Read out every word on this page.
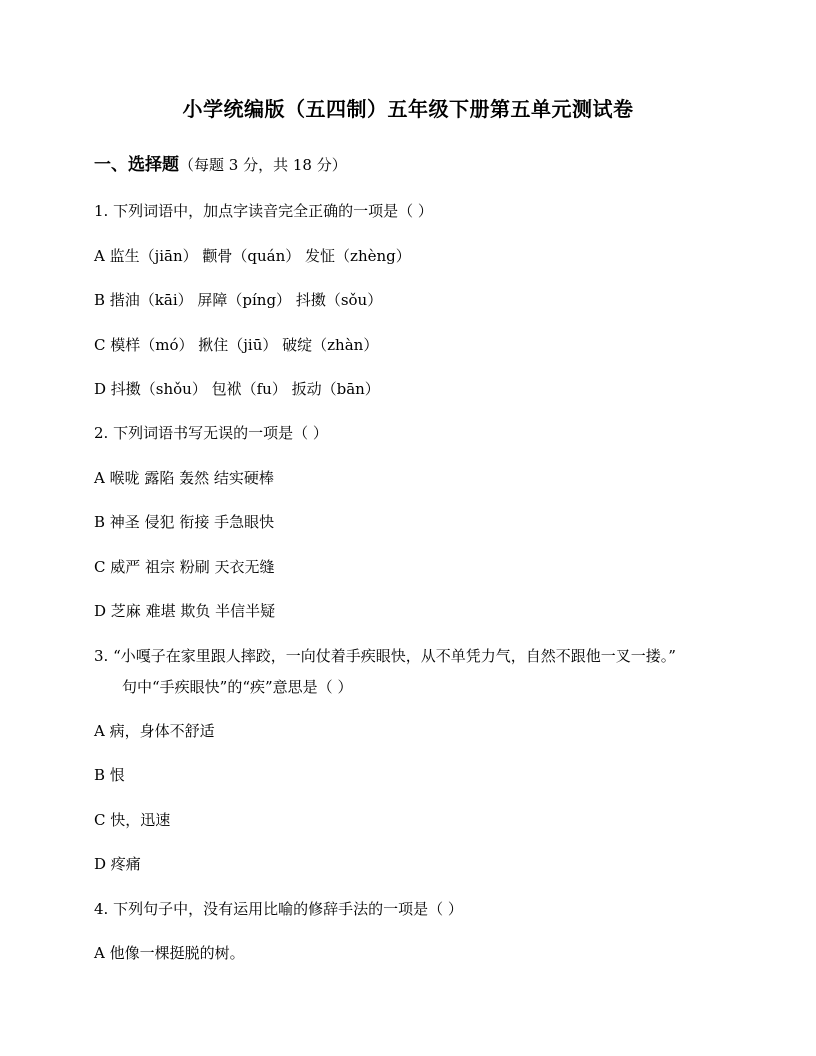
小学统编版（五四制）五年级下册第五单元测试卷
一、选择题（每题 3 分，共 18 分）
1. 下列词语中，加点字读音完全正确的一项是（ ）
A 监生（jiān） 颧骨（quán） 发怔（zhèng）
B 揩油（kāi） 屏障（píng） 抖擞（sǒu）
C 模样（mó） 揪住（jiū） 破绽（zhàn）
D 抖擞（shǒu） 包袱（fu） 扳动（bān）
2. 下列词语书写无误的一项是（ ）
A 喉咙 露陷 轰然 结实硬棒
B 神圣 侵犯 衔接 手急眼快
C 威严 祖宗 粉刷 天衣无缝
D 芝麻 难堪 欺负 半信半疑
3. “小嘎子在家里跟人摔跤，一向仗着手疾眼快，从不单凭力气，自然不跟他一叉一搂。”
句中“手疾眼快”的“疾”意思是（ ）
A 病，身体不舒适
B 恨
C 快，迅速
D 疼痛
4. 下列句子中，没有运用比喻的修辞手法的一项是（ ）
A 他像一棵挺脱的树。
